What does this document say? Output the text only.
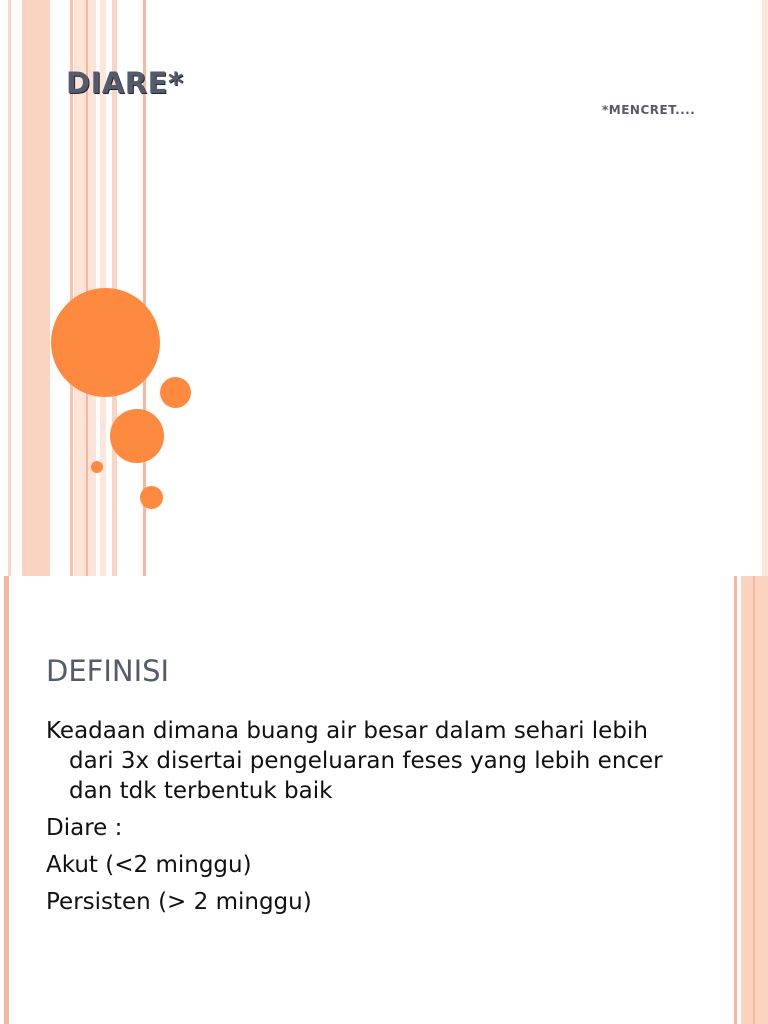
DIARE*

*MENCRET....

DEFINISI
Keadaan dimana buang air besar dalam sehari lebih dari 3x disertai pengeluaran feses yang lebih encer dan tdk terbentuk baik
Diare :
Akut (<2 minggu)
Persisten (> 2 minggu)
